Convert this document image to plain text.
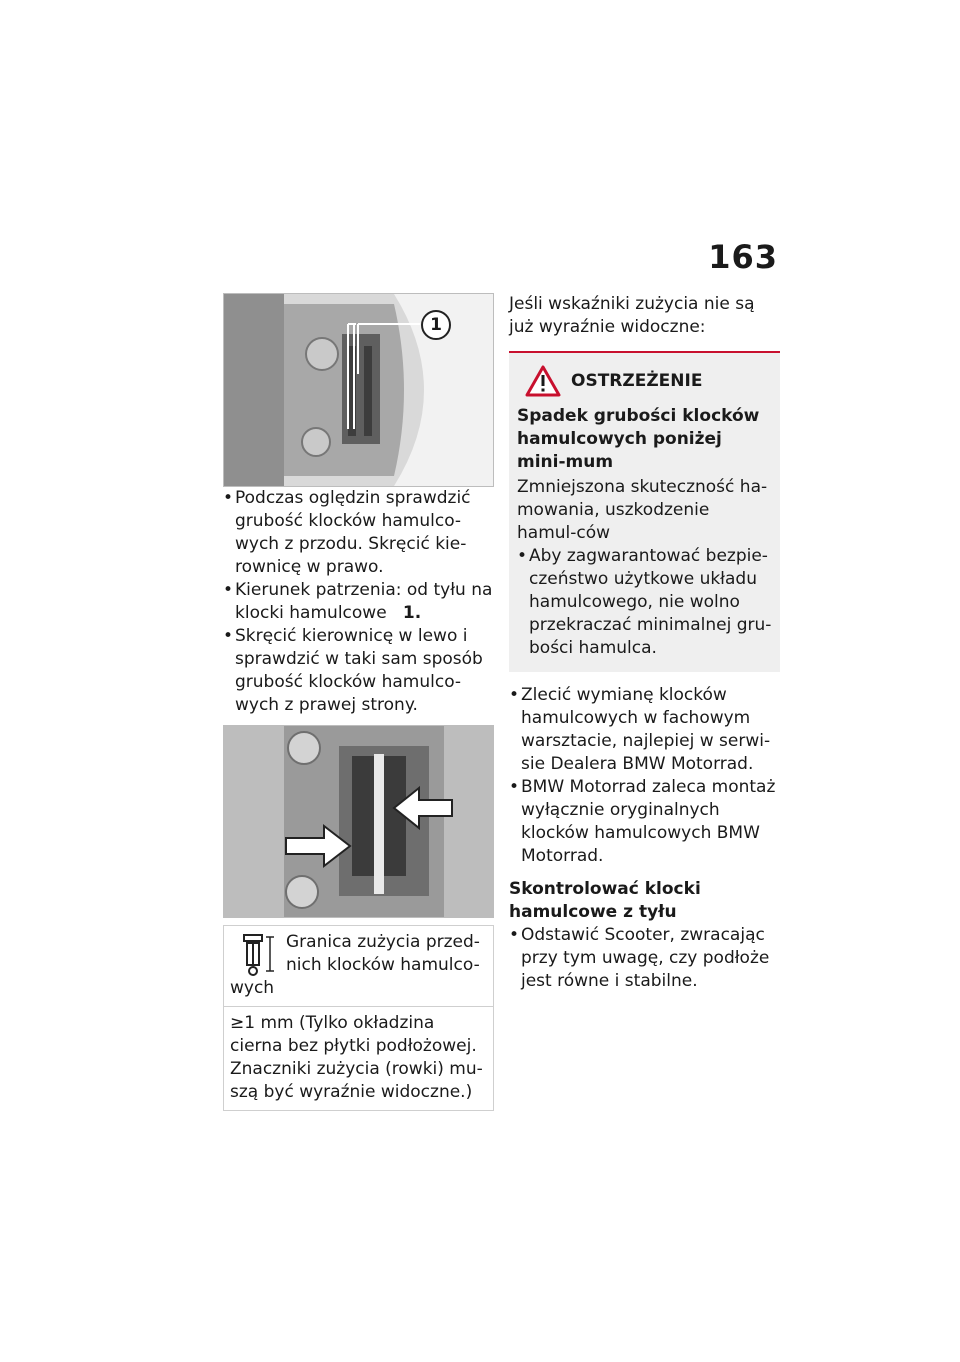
163
1
• Podczas oględzin sprawdzić grubość klocków hamulco-wych z przodu. Skręcić kie-rownicę w prawo.
• Kierunek patrzenia: od tyłu na klocki hamulcowe 1.
• Skręcić kierownicę w lewo i sprawdzić w taki sam sposób grubość klocków hamulco-wych z prawej strony.
Granica zużycia przed-nich klocków hamulco-wych
≥1 mm (Tylko okładzina cierna bez płytki podłożowej. Znaczniki zużycia (rowki) mu-szą być wyraźnie widoczne.)
Jeśli wskaźniki zużycia nie są już wyraźnie widoczne:
OSTRZEŻENIE
Spadek grubości klocków hamulcowych poniżej mini-mum
Zmniejszona skuteczność ha-mowania, uszkodzenie hamul-ców
• Aby zagwarantować bezpie-czeństwo użytkowe układu hamulcowego, nie wolno przekraczać minimalnej gru-bości hamulca.
• Zlecić wymianę klocków hamulcowych w fachowym warsztacie, najlepiej w serwi-sie Dealera BMW Motorrad.
• BMW Motorrad zaleca montaż wyłącznie oryginalnych klocków hamulcowych BMW Motorrad.
Skontrolować klocki hamulcowe z tyłu
• Odstawić Scooter, zwracając przy tym uwagę, czy podłoże jest równe i stabilne.
